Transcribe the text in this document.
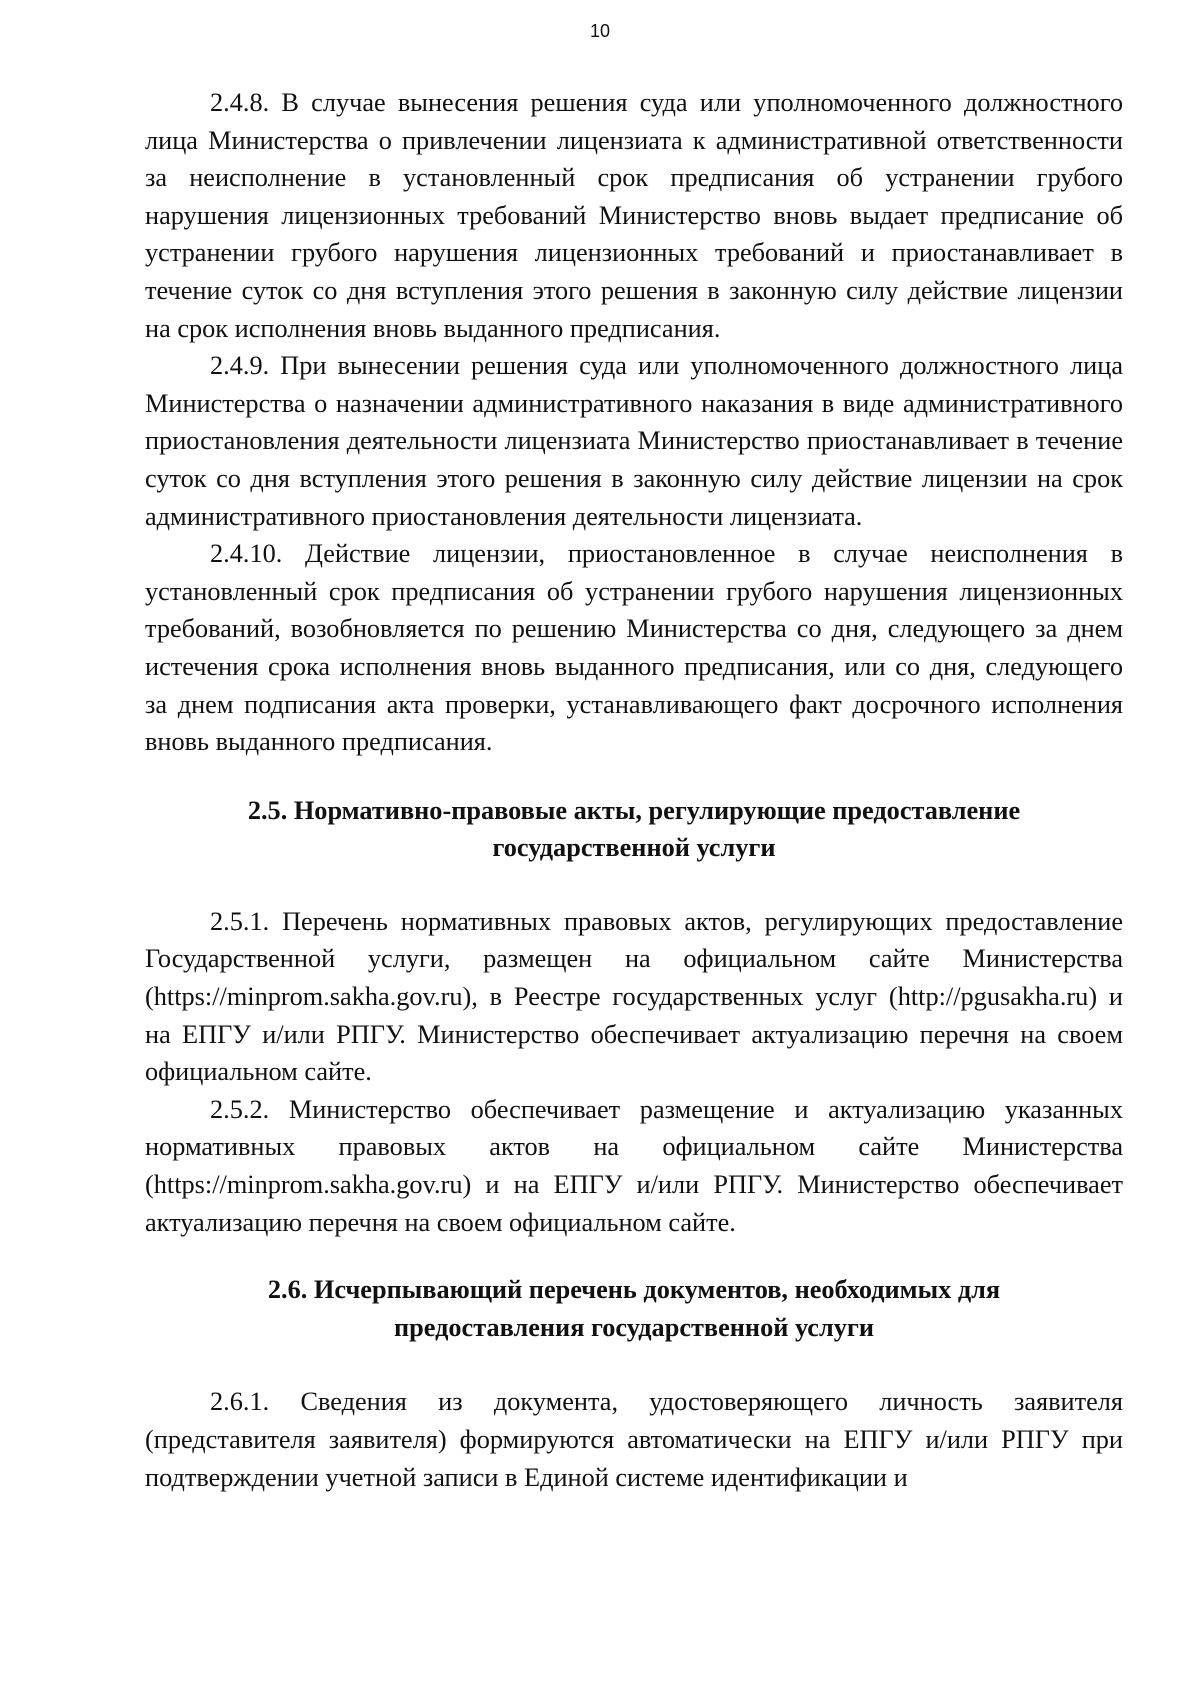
10

2.4.8. В случае вынесения решения суда или уполномоченного должностного лица Министерства о привлечении лицензиата к административной ответственности за неисполнение в установленный срок предписания об устранении грубого нарушения лицензионных требований Министерство вновь выдает предписание об устранении грубого нарушения лицензионных требований и приостанавливает в течение суток со дня вступления этого решения в законную силу действие лицензии на срок исполнения вновь выданного предписания.

2.4.9. При вынесении решения суда или уполномоченного должностного лица Министерства о назначении административного наказания в виде административного приостановления деятельности лицензиата Министерство приостанавливает в течение суток со дня вступления этого решения в законную силу действие лицензии на срок административного приостановления деятельности лицензиата.

2.4.10. Действие лицензии, приостановленное в случае неисполнения в установленный срок предписания об устранении грубого нарушения лицензионных требований, возобновляется по решению Министерства со дня, следующего за днем истечения срока исполнения вновь выданного предписания, или со дня, следующего за днем подписания акта проверки, устанавливающего факт досрочного исполнения вновь выданного предписания.

2.5. Нормативно-правовые акты, регулирующие предоставление
государственной услуги

2.5.1. Перечень нормативных правовых актов, регулирующих предоставление Государственной услуги, размещен на официальном сайте Министерства (https://minprom.sakha.gov.ru), в Реестре государственных услуг (http://pgusakha.ru) и на ЕПГУ и/или РПГУ. Министерство обеспечивает актуализацию перечня на своем официальном сайте.

2.5.2. Министерство обеспечивает размещение и актуализацию указанных нормативных правовых актов на официальном сайте Министерства (https://minprom.sakha.gov.ru) и на ЕПГУ и/или РПГУ. Министерство обеспечивает актуализацию перечня на своем официальном сайте.

2.6. Исчерпывающий перечень документов, необходимых для
предоставления государственной услуги

2.6.1. Сведения из документа, удостоверяющего личность заявителя (представителя заявителя) формируются автоматически на ЕПГУ и/или РПГУ при подтверждении учетной записи в Единой системе идентификации и
